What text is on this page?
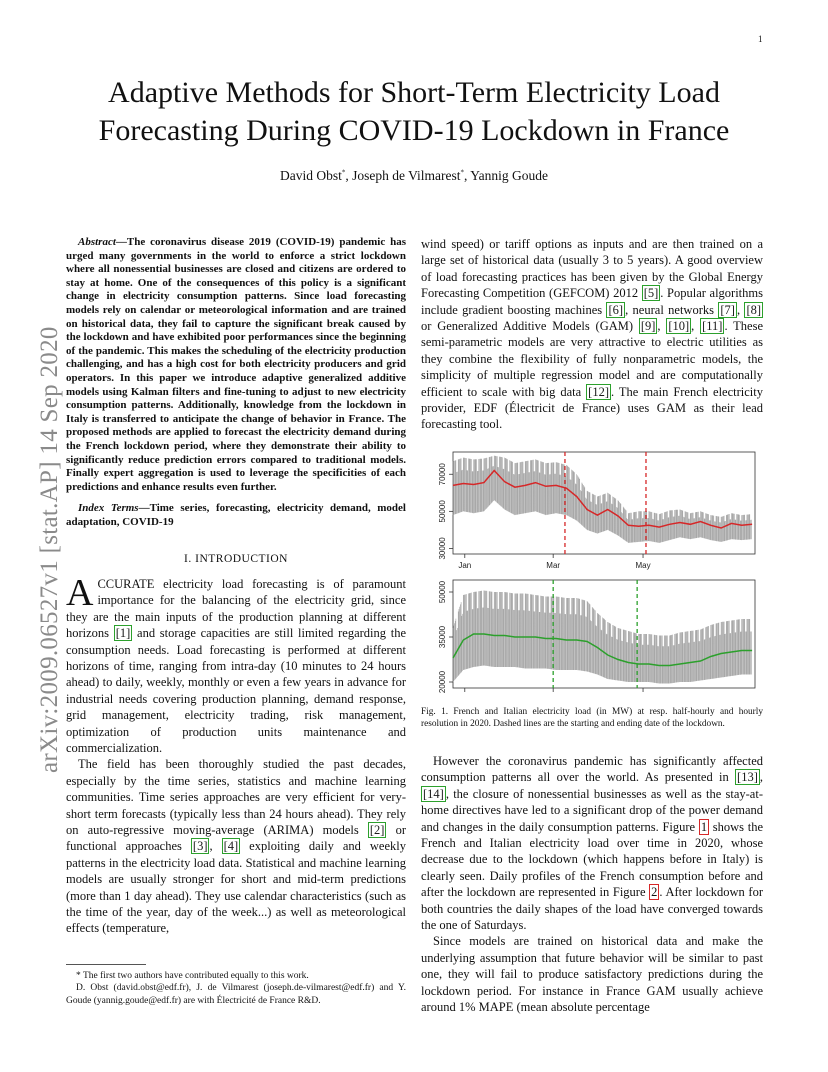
1
arXiv:2009.06527v1 [stat.AP] 14 Sep 2020
Adaptive Methods for Short-Term Electricity Load
Forecasting During COVID-19 Lockdown in France
David Obst*, Joseph de Vilmarest*, Yannig Goude

Abstract—The coronavirus disease 2019 (COVID-19) pandemic has urged many governments in the world to enforce a strict lockdown where all nonessential businesses are closed and citizens are ordered to stay at home. One of the consequences of this policy is a significant change in electricity consumption patterns. Since load forecasting models rely on calendar or meteorological information and are trained on historical data, they fail to capture the significant break caused by the lockdown and have exhibited poor performances since the beginning of the pandemic. This makes the scheduling of the electricity production challenging, and has a high cost for both electricity producers and grid operators. In this paper we introduce adaptive generalized additive models using Kalman filters and fine-tuning to adjust to new electricity consumption patterns. Additionally, knowledge from the lockdown in Italy is transferred to anticipate the change of behavior in France. The proposed methods are applied to forecast the electricity demand during the French lockdown period, where they demonstrate their ability to significantly reduce prediction errors compared to traditional models. Finally expert aggregation is used to leverage the specificities of each predictions and enhance results even further.

Index Terms—Time series, forecasting, electricity demand, model adaptation, COVID-19

I. INTRODUCTION

ACCURATE electricity load forecasting is of paramount importance for the balancing of the electricity grid, since they are the main inputs of the production planning at different horizons [1] and storage capacities are still limited regarding the consumption needs. Load forecasting is performed at different horizons of time, ranging from intra-day (10 minutes to 24 hours ahead) to daily, weekly, monthly or even a few years in advance for industrial needs covering production planning, demand response, grid management, electricity trading, risk management, optimization of production units maintenance and commercialization.

The field has been thoroughly studied the past decades, especially by the time series, statistics and machine learning communities. Time series approaches are very efficient for very-short term forecasts (typically less than 24 hours ahead). They rely on auto-regressive moving-average (ARIMA) models [2] or functional approaches [3] , [4] exploiting daily and weekly patterns in the electricity load data. Statistical and machine learning models are usually stronger for short and mid-term predictions (more than 1 day ahead). They use calendar characteristics (such as the time of the year, day of the week...) as well as meteorological effects (temperature,

* The first two authors have contributed equally to this work.

D. Obst (david.obst@edf.fr), J. de Vilmarest (joseph.de-vilmarest@edf.fr) and Y. Goude (yannig.goude@edf.fr) are with Électricité de France R&D.

wind speed) or tariff options as inputs and are then trained on a large set of historical data (usually 3 to 5 years). A good overview of load forecasting practices has been given by the Global Energy Forecasting Competition (GEFCOM) 2012 [5] . Popular algorithms include gradient boosting machines [6] , neural networks [7] , [8] or Generalized Additive Models (GAM) [9] , [10] , [11] . These semi-parametric models are very attractive to electric utilities as they combine the flexibility of fully nonparametric models, the simplicity of multiple regression model and are computationally efficient to scale with big data [12] . The main French electricity provider, EDF (Électricit de France) uses GAM as their lead forecasting tool.

30000
50000
70000
Jan	Mar	May
20000
35000
50000
Fig. 1. French and Italian electricity load (in MW) at resp. half-hourly and hourly resolution in 2020. Dashed lines are the starting and ending date of the lockdown.

However the coronavirus pandemic has significantly affected consumption patterns all over the world. As presented in [13] , [14] , the closure of nonessential businesses as well as the stay-at-home directives have led to a significant drop of the power demand and changes in the daily consumption patterns. Figure 1 shows the French and Italian electricity load over time in 2020, whose decrease due to the lockdown (which happens before in Italy) is clearly seen. Daily profiles of the French consumption before and after the lockdown are represented in Figure 2 . After lockdown for both countries the daily shapes of the load have converged towards the one of Saturdays.

Since models are trained on historical data and make the underlying assumption that future behavior will be similar to past one, they will fail to produce satisfactory predictions during the lockdown period. For instance in France GAM usually achieve around 1% MAPE (mean absolute percentage
